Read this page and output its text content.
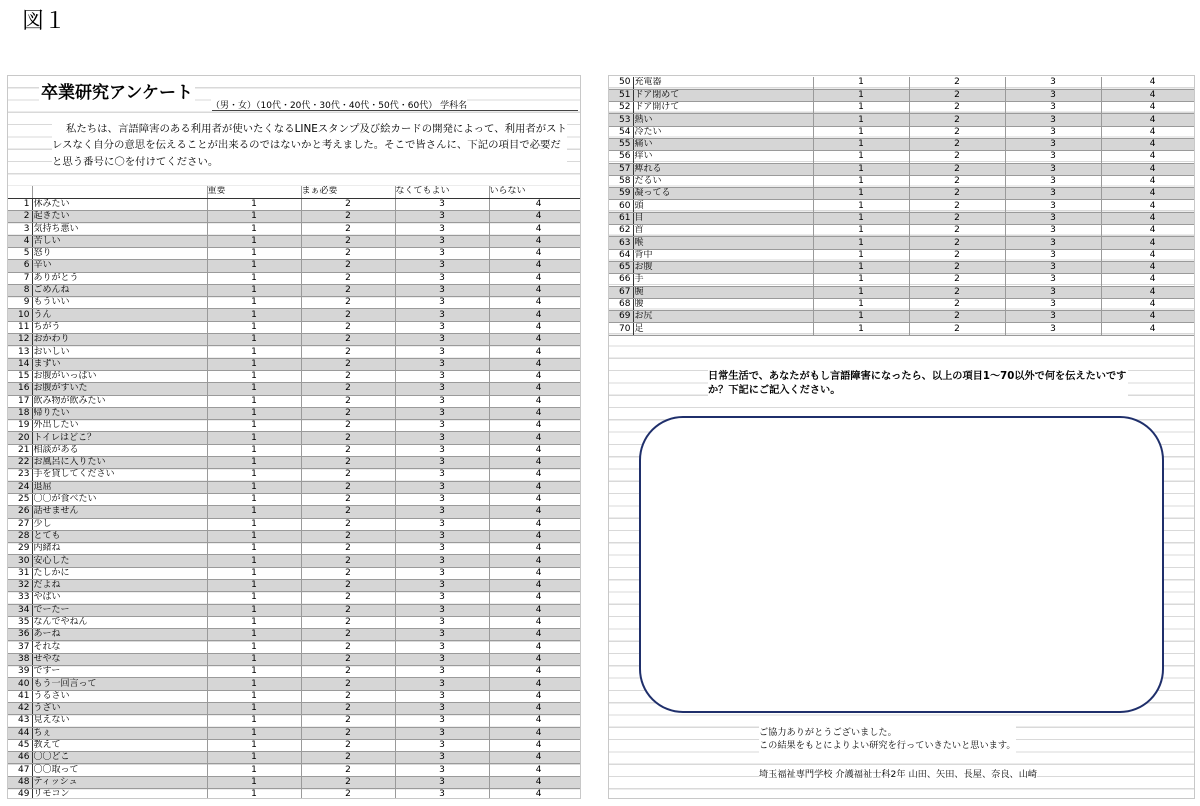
図１
卒業研究アンケート
（男・女）（10代・20代・30代・40代・50代・60代） 学科名
私たちは、言語障害のある利用者が使いたくなるLINEスタンプ及び絵カードの開発によって、利用者がストレスなく自分の意思を伝えることが出来るのではないかと考えました。そこで皆さんに、下記の項目で必要だと思う番号に〇を付けてください。
		重要	まぁ必要	なくてもよい	いらない
1	休みたい	1	2	3	4
2	起きたい	1	2	3	4
3	気持ち悪い	1	2	3	4
4	苦しい	1	2	3	4
5	怒り	1	2	3	4
6	辛い	1	2	3	4
7	ありがとう	1	2	3	4
8	ごめんね	1	2	3	4
9	もういい	1	2	3	4
10	うん	1	2	3	4
11	ちがう	1	2	3	4
12	おかわり	1	2	3	4
13	おいしい	1	2	3	4
14	まずい	1	2	3	4
15	お腹がいっぱい	1	2	3	4
16	お腹がすいた	1	2	3	4
17	飲み物が飲みたい	1	2	3	4
18	帰りたい	1	2	3	4
19	外出したい	1	2	3	4
20	トイレはどこ？	1	2	3	4
21	相談がある	1	2	3	4
22	お風呂に入りたい	1	2	3	4
23	手を貸してください	1	2	3	4
24	退屈	1	2	3	4
25	〇〇が食べたい	1	2	3	4
26	話せません	1	2	3	4
27	少し	1	2	3	4
28	とても	1	2	3	4
29	内緒ね	1	2	3	4
30	安心した	1	2	3	4
31	たしかに	1	2	3	4
32	だよね	1	2	3	4
33	やばい	1	2	3	4
34	でーたー	1	2	3	4
35	なんでやねん	1	2	3	4
36	あーね	1	2	3	4
37	それな	1	2	3	4
38	せやな	1	2	3	4
39	ですー	1	2	3	4
40	もう一回言って	1	2	3	4
41	うるさい	1	2	3	4
42	うざい	1	2	3	4
43	見えない	1	2	3	4
44	ちぇ	1	2	3	4
45	教えて	1	2	3	4
46	〇〇どこ	1	2	3	4
47	〇〇取って	1	2	3	4
48	ティッシュ	1	2	3	4
49	リモコン	1	2	3	4
50	充電器	1	2	3	4
51	ドア閉めて	1	2	3	4
52	ドア開けて	1	2	3	4
53	熱い	1	2	3	4
54	冷たい	1	2	3	4
55	痛い	1	2	3	4
56	痒い	1	2	3	4
57	痺れる	1	2	3	4
58	だるい	1	2	3	4
59	凝ってる	1	2	3	4
60	頭	1	2	3	4
61	目	1	2	3	4
62	首	1	2	3	4
63	喉	1	2	3	4
64	背中	1	2	3	4
65	お腹	1	2	3	4
66	手	1	2	3	4
67	腕	1	2	3	4
68	腰	1	2	3	4
69	お尻	1	2	3	4
70	足	1	2	3	4
日常生活で、あなたがもし言語障害になったら、以上の項目1〜70以外で何を伝えたいですか？下記にご記入ください。
ご協力ありがとうございました。
この結果をもとによりよい研究を行っていきたいと思います。
埼玉福祉専門学校 介護福祉士科2年 山田、矢田、長屋、奈良、山崎
